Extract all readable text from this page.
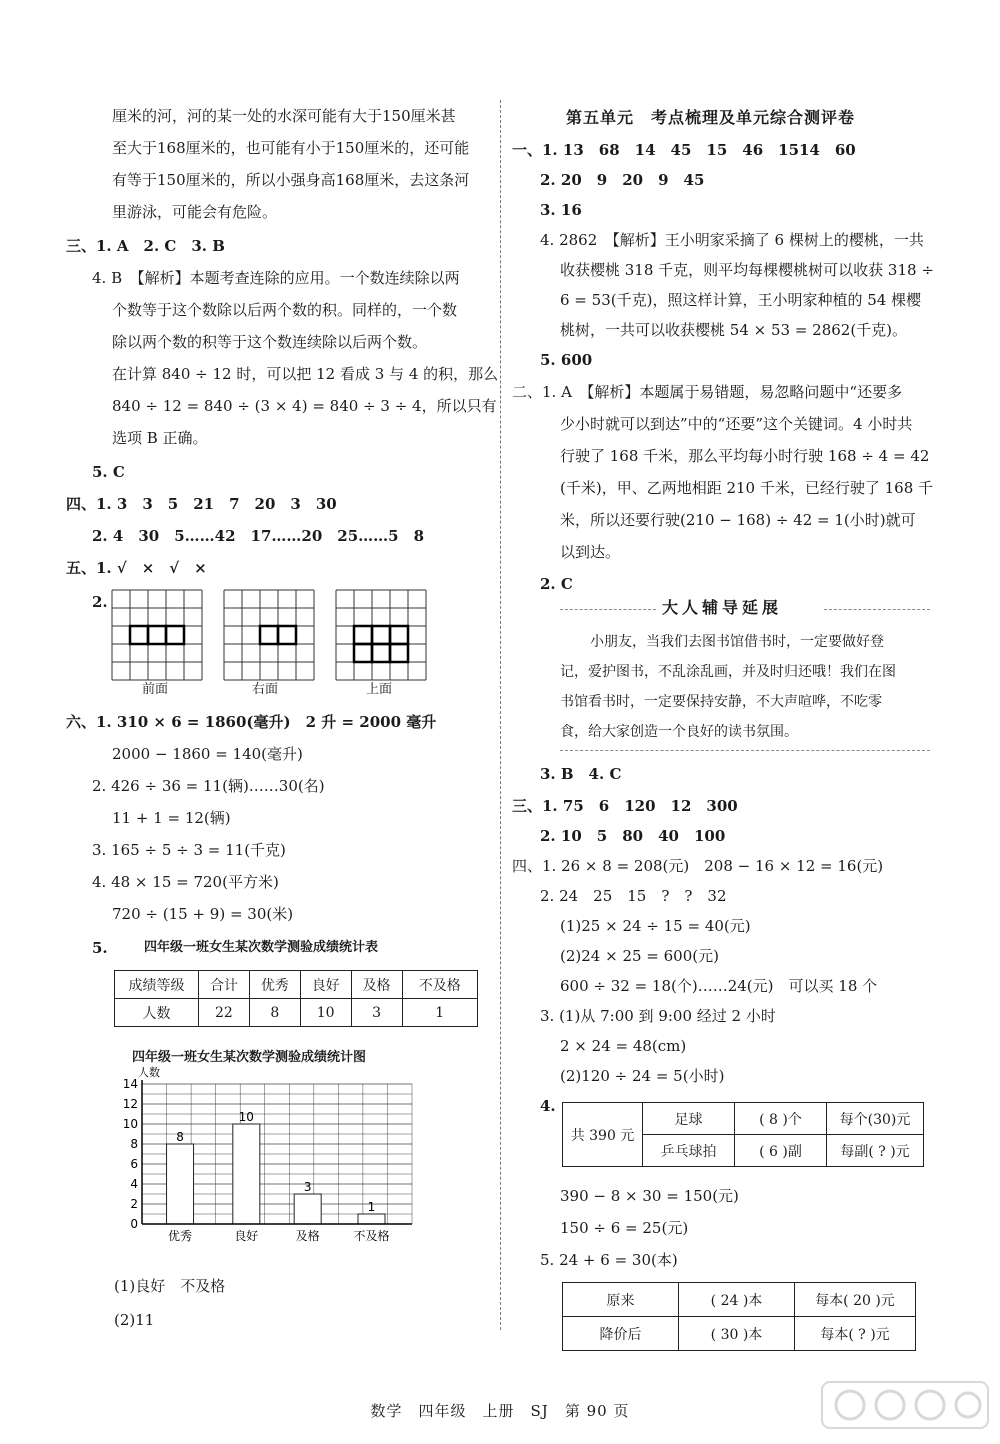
厘米的河，河的某一处的水深可能有大于150厘米甚
至大于168厘米的，也可能有小于150厘米的，还可能
有等于150厘米的，所以小强身高168厘米，去这条河
里游泳，可能会有危险。
三、1. A　2. C　3. B
4. B　【解析】本题考查连除的应用。一个数连续除以两
个数等于这个数除以后两个数的积。同样的，一个数
除以两个数的积等于这个数连续除以后两个数。
在计算 840 ÷ 12 时，可以把 12 看成 3 与 4 的积，那么
840 ÷ 12 = 840 ÷ (3 × 4) = 840 ÷ 3 ÷ 4，所以只有
选项 B 正确。
5. C
四、1. 3　3　5　21　7　20　3　30
2. 4　30　5……42　17……20　25……5　8
五、1. √　×　√　×
2.
前面	右面	上面
六、1. 310 × 6 = 1860(毫升)　2 升 = 2000 毫升
2000 − 1860 = 140(毫升)
2. 426 ÷ 36 = 11(辆)……30(名)
11 + 1 = 12(辆)
3. 165 ÷ 5 ÷ 3 = 11(千克)
4. 48 × 15 = 720(平方米)
720 ÷ (15 + 9) = 30(米)
5.	四年级一班女生某次数学测验成绩统计表
成绩等级	合计	优秀	良好	及格	不及格
人数	22	8	10	3	1
四年级一班女生某次数学测验成绩统计图
0
2
4
6
8
10
12
14
人数
8
优秀
10
良好
3
及格
1
不及格
(1)良好　不及格
(2)11
第五单元　考点梳理及单元综合测评卷
一、1. 13　68　14　45　15　46　1514　60
2. 20　9　20　9　45
3. 16
4. 2862　【解析】王小明家采摘了 6 棵树上的樱桃，一共
收获樱桃 318 千克，则平均每棵樱桃树可以收获 318 ÷
6 = 53(千克)，照这样计算，王小明家种植的 54 棵樱
桃树，一共可以收获樱桃 54 × 53 = 2862(千克)。
5. 600
二、1. A　【解析】本题属于易错题，易忽略问题中“还要多
少小时就可以到达”中的“还要”这个关键词。4 小时共
行驶了 168 千米，那么平均每小时行驶 168 ÷ 4 = 42
(千米)，甲、乙两地相距 210 千米，已经行驶了 168 千
米，所以还要行驶(210 − 168) ÷ 42 = 1(小时)就可
以到达。
2. C
大人辅导延展
小朋友，当我们去图书馆借书时，一定要做好登
记，爱护图书，不乱涂乱画，并及时归还哦！我们在图
书馆看书时，一定要保持安静，不大声喧哗，不吃零
食，给大家创造一个良好的读书氛围。
3. B　4. C
三、1. 75　6　120　12　300
2. 10　5　80　40　100
四、1. 26 × 8 = 208(元)　208 − 16 × 12 = 16(元)
2. 24　25　15　?　?　32
(1)25 × 24 ÷ 15 = 40(元)
(2)24 × 25 = 600(元)
600 ÷ 32 = 18(个)……24(元)　可以买 18 个
3. (1)从 7:00 到 9:00 经过 2 小时
2 × 24 = 48(cm)
(2)120 ÷ 24 = 5(小时)
4.
共 390 元	足球	( 8 )个	每个(30)元
	乒乓球拍	( 6 )副	每副( ? )元
390 − 8 × 30 = 150(元)
150 ÷ 6 = 25(元)
5. 24 + 6 = 30(本)
原来	( 24 )本	每本( 20 )元
降价后	( 30 )本	每本( ? )元
数学　四年级　上册　SJ　第 90 页
